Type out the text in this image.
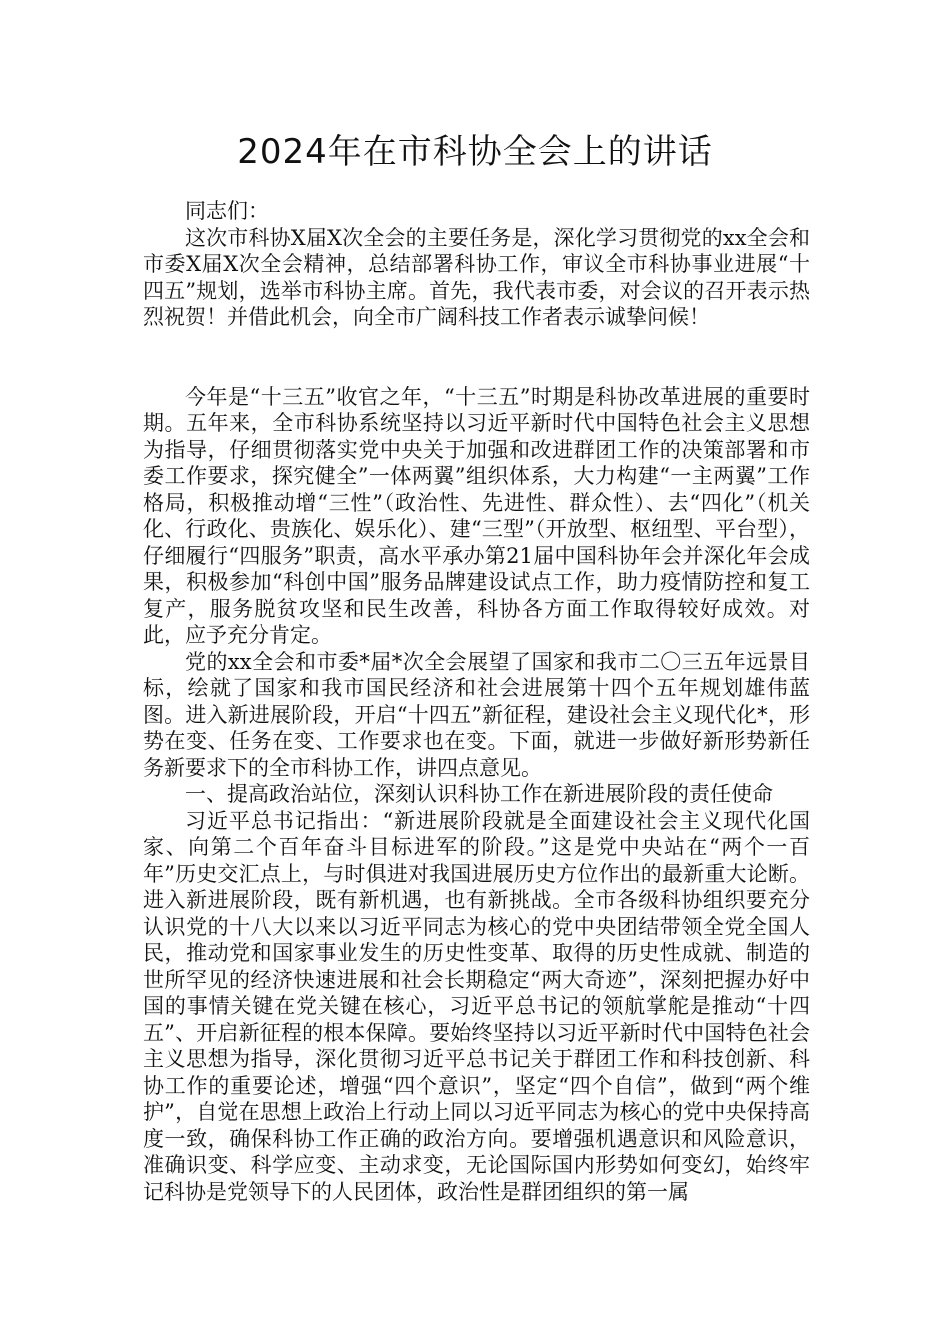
2024年在市科协全会上的讲话

同志们：

这次市科协Ⅹ届Ⅹ次全会的主要任务是，深化学习贯彻党的xx全会和市委Ⅹ届Ⅹ次全会精神，总结部署科协工作，审议全市科协事业进展“十四五”规划，选举市科协主席。首先，我代表市委，对会议的召开表示热烈祝贺！并借此机会，向全市广阔科技工作者表示诚挚问候！

今年是“十三五”收官之年，“十三五”时期是科协改革进展的重要时期。五年来，全市科协系统坚持以习近平新时代中国特色社会主义思想为指导，仔细贯彻落实党中央关于加强和改进群团工作的决策部署和市委工作要求，探究健全”一体两翼”组织体系，大力构建“一主两翼”工作格局，积极推动增“三性”（政治性、先进性、群众性）、去“四化”（机关化、行政化、贵族化、娱乐化）、建“三型”（开放型、枢纽型、平台型），仔细履行“四服务”职责，高水平承办第21届中国科协年会并深化年会成果，积极参加“科创中国”服务品牌建设试点工作，助力疫情防控和复工复产，服务脱贫攻坚和民生改善，科协各方面工作取得较好成效。对此，应予充分肯定。

党的xx全会和市委*届*次全会展望了国家和我市二〇三五年远景目标，绘就了国家和我市国民经济和社会进展第十四个五年规划雄伟蓝图。进入新进展阶段，开启“十四五”新征程，建设社会主义现代化*，形势在变、任务在变、工作要求也在变。下面，就进一步做好新形势新任务新要求下的全市科协工作，讲四点意见。

一、提高政治站位，深刻认识科协工作在新进展阶段的责任使命

习近平总书记指出：“新进展阶段就是全面建设社会主义现代化国家、向第二个百年奋斗目标进军的阶段。”这是党中央站在“两个一百年”历史交汇点上，与时俱进对我国进展历史方位作出的最新重大论断。进入新进展阶段，既有新机遇，也有新挑战。全市各级科协组织要充分认识党的十八大以来以习近平同志为核心的党中央团结带领全党全国人民，推动党和国家事业发生的历史性变革、取得的历史性成就、制造的世所罕见的经济快速进展和社会长期稳定“两大奇迹”，深刻把握办好中国的事情关键在党关键在核心，习近平总书记的领航掌舵是推动“十四五”、开启新征程的根本保障。要始终坚持以习近平新时代中国特色社会主义思想为指导，深化贯彻习近平总书记关于群团工作和科技创新、科协工作的重要论述，增强“四个意识”，坚定“四个自信”，做到“两个维护”，自觉在思想上政治上行动上同以习近平同志为核心的党中央保持高度一致，确保科协工作正确的政治方向。要增强机遇意识和风险意识，准确识变、科学应变、主动求变，无论国际国内形势如何变幻，始终牢记科协是党领导下的人民团体，政治性是群团组织的第一属
